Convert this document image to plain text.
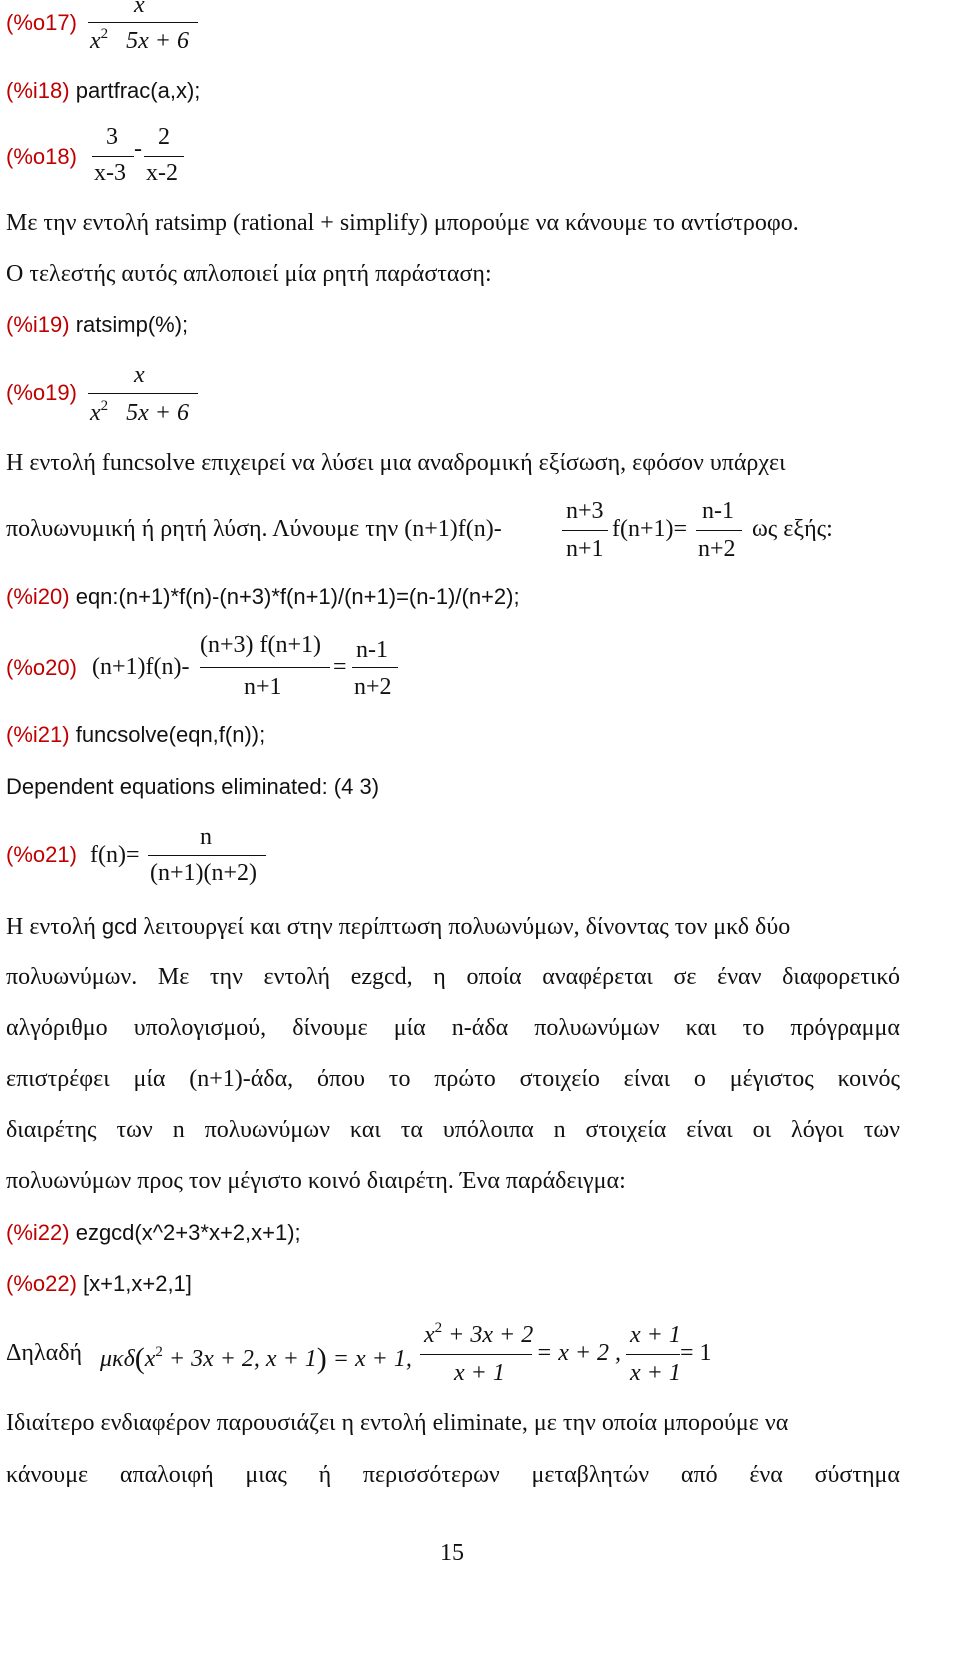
(%o17)
x
$x^2$ 5x + 6
(%i18) partfrac(a,x);
(%o18)
3
x-3
- 2
x-2
Με την εντολή ratsimp (rational + simplify) μπορούμε να κάνουμε το αντίστροφο.
Ο τελεστής αυτός απλοποιεί μία ρητή παράσταση:
(%i19) ratsimp(%);
(%o19)
x
$x^2$ 5x + 6
Η εντολή funcsolve επιχειρεί να λύσει μια αναδρομική εξίσωση, εφόσον υπάρχει
πολυωνυμική ή ρητή λύση. Λύνουμε την (n+1)f(n)-
n+3
n+1
f(n+1)=
n-1
n+2
ως εξής:
(%i20) eqn:(n+1)*f(n)-(n+3)*f(n+1)/(n+1)=(n-1)/(n+2);
(%o20) (n+1)f(n)-
(n+3) f(n+1)
n+1
=
n-1
n+2
(%i21) funcsolve(eqn,f(n));
Dependent equations eliminated: (4 3)
(%o21) f(n)=
n
(n+1)(n+2)
Η εντολή gcd λειτουργεί και στην περίπτωση πολυωνύμων, δίνοντας τον μκδ δύο
πολυωνύμων. Με την εντολή ezgcd, η οποία αναφέρεται σε έναν διαφορετικό
αλγόριθμο υπολογισμού, δίνουμε μία n-άδα πολυωνύμων και το πρόγραμμα
επιστρέφει μία (n+1)-άδα, όπου το πρώτο στοιχείο είναι ο μέγιστος κοινός
διαιρέτης των n πολυωνύμων και τα υπόλοιπα n στοιχεία είναι οι λόγοι των
πολυωνύμων προς τον μέγιστο κοινό διαιρέτη. Ένα παράδειγμα:
(%i22) ezgcd(x^2+3*x+2,x+1);
(%o22) [x+1,x+2,1]
Δηλαδή $\mu\kappa\delta(x^2 + 3x + 2$, x + 1) = x + 1,
$x^2 + 3x + 2$
x + 1
= x + 2 ,
x + 1
x + 1
= 1
Ιδιαίτερο ενδιαφέρον παρουσιάζει η εντολή eliminate, με την οποία μπορούμε να
κάνουμε απαλοιφή μιας ή περισσότερων μεταβλητών από ένα σύστημα
15
